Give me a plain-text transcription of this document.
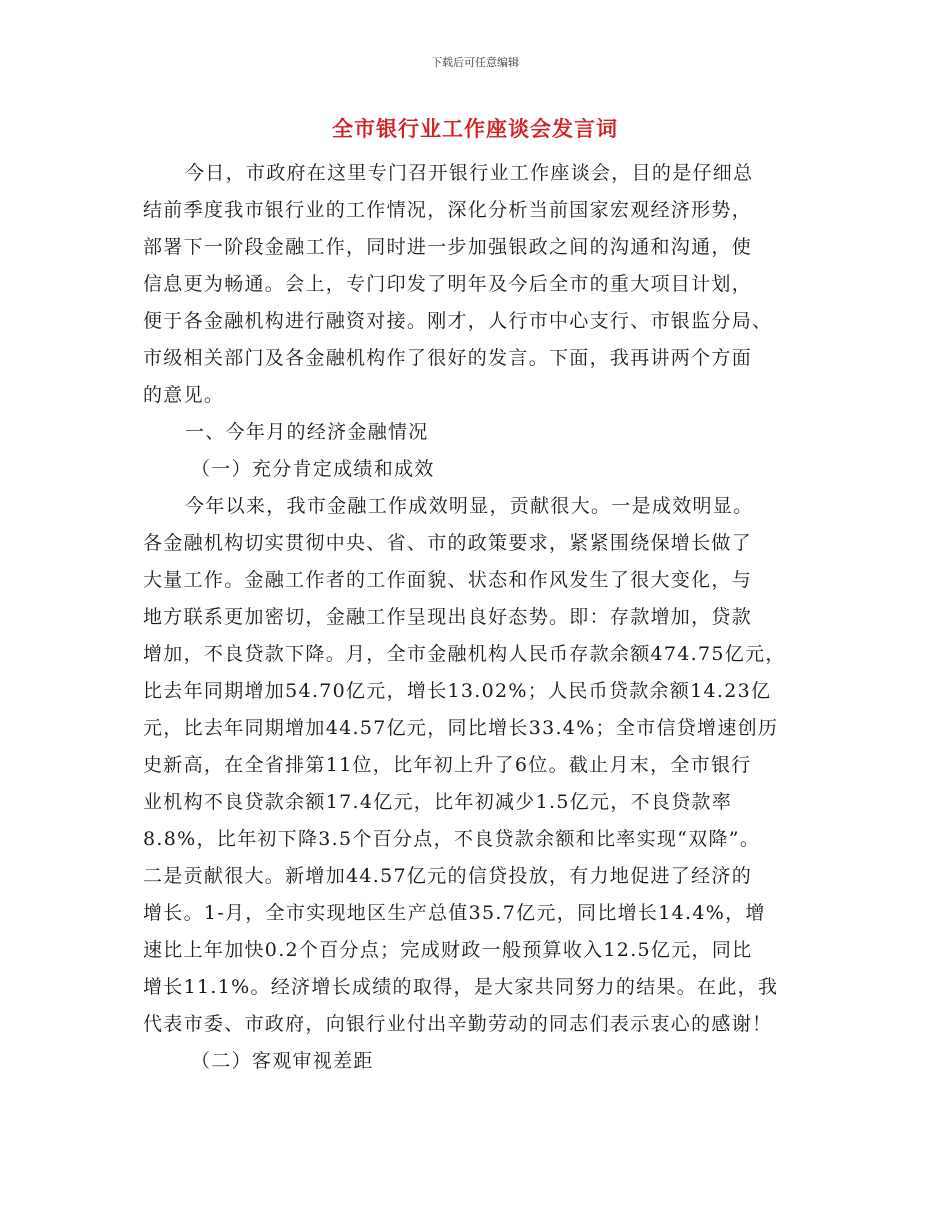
下载后可任意编辑
全市银行业工作座谈会发言词
今日，市政府在这里专门召开银行业工作座谈会，目的是仔细总
结前季度我市银行业的工作情况，深化分析当前国家宏观经济形势，
部署下一阶段金融工作，同时进一步加强银政之间的沟通和沟通，使
信息更为畅通。会上，专门印发了明年及今后全市的重大项目计划，
便于各金融机构进行融资对接。刚才，人行市中心支行、市银监分局、
市级相关部门及各金融机构作了很好的发言。下面，我再讲两个方面
的意见。
一、今年月的经济金融情况
（一）充分肯定成绩和成效
今年以来，我市金融工作成效明显，贡献很大。一是成效明显。
各金融机构切实贯彻中央、省、市的政策要求，紧紧围绕保增长做了
大量工作。金融工作者的工作面貌、状态和作风发生了很大变化，与
地方联系更加密切，金融工作呈现出良好态势。即：存款增加，贷款
增加，不良贷款下降。月，全市金融机构人民币存款余额474.75亿元，
比去年同期增加54.70亿元，增长13.02%；人民币贷款余额14.23亿
元，比去年同期增加44.57亿元，同比增长33.4%；全市信贷增速创历
史新高，在全省排第11位，比年初上升了6位。截止月末，全市银行
业机构不良贷款余额17.4亿元，比年初减少1.5亿元，不良贷款率
8.8%，比年初下降3.5个百分点，不良贷款余额和比率实现“双降”。
二是贡献很大。新增加44.57亿元的信贷投放，有力地促进了经济的
增长。1-月，全市实现地区生产总值35.7亿元，同比增长14.4%，增
速比上年加快0.2个百分点；完成财政一般预算收入12.5亿元，同比
增长11.1%。经济增长成绩的取得，是大家共同努力的结果。在此，我
代表市委、市政府，向银行业付出辛勤劳动的同志们表示衷心的感谢！
（二）客观审视差距
